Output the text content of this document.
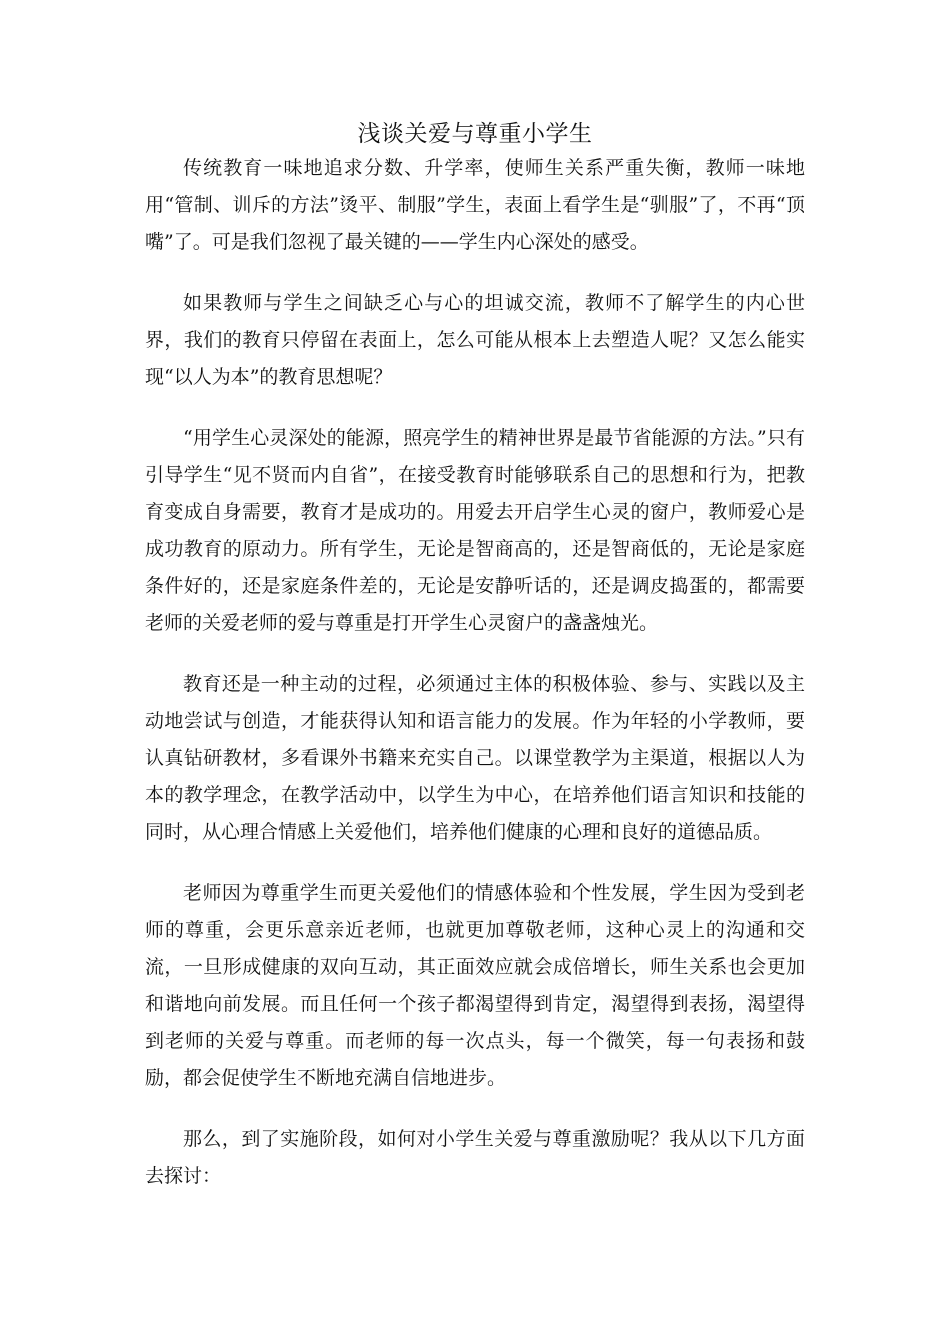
浅谈关爱与尊重小学生

传统教育一味地追求分数、升学率，使师生关系严重失衡，教师一味地用“管制、训斥的方法”烫平、制服”学生，表面上看学生是“驯服”了，不再“顶嘴”了。可是我们忽视了最关键的——学生内心深处的感受。

如果教师与学生之间缺乏心与心的坦诚交流，教师不了解学生的内心世界，我们的教育只停留在表面上，怎么可能从根本上去塑造人呢？又怎么能实现“以人为本”的教育思想呢？

“用学生心灵深处的能源，照亮学生的精神世界是最节省能源的方法。”只有引导学生“见不贤而内自省”，在接受教育时能够联系自己的思想和行为，把教育变成自身需要，教育才是成功的。用爱去开启学生心灵的窗户，教师爱心是成功教育的原动力。所有学生，无论是智商高的，还是智商低的，无论是家庭条件好的，还是家庭条件差的，无论是安静听话的，还是调皮捣蛋的，都需要老师的关爱老师的爱与尊重是打开学生心灵窗户的盏盏烛光。

教育还是一种主动的过程，必须通过主体的积极体验、参与、实践以及主动地尝试与创造，才能获得认知和语言能力的发展。作为年轻的小学教师，要认真钻研教材，多看课外书籍来充实自己。以课堂教学为主渠道，根据以人为本的教学理念，在教学活动中，以学生为中心，在培养他们语言知识和技能的同时，从心理合情感上关爱他们，培养他们健康的心理和良好的道德品质。

老师因为尊重学生而更关爱他们的情感体验和个性发展，学生因为受到老师的尊重，会更乐意亲近老师，也就更加尊敬老师，这种心灵上的沟通和交流，一旦形成健康的双向互动，其正面效应就会成倍增长，师生关系也会更加和谐地向前发展。而且任何一个孩子都渴望得到肯定，渴望得到表扬，渴望得到老师的关爱与尊重。而老师的每一次点头，每一个微笑，每一句表扬和鼓励，都会促使学生不断地充满自信地进步。

那么，到了实施阶段，如何对小学生关爱与尊重激励呢？我从以下几方面去探讨：
